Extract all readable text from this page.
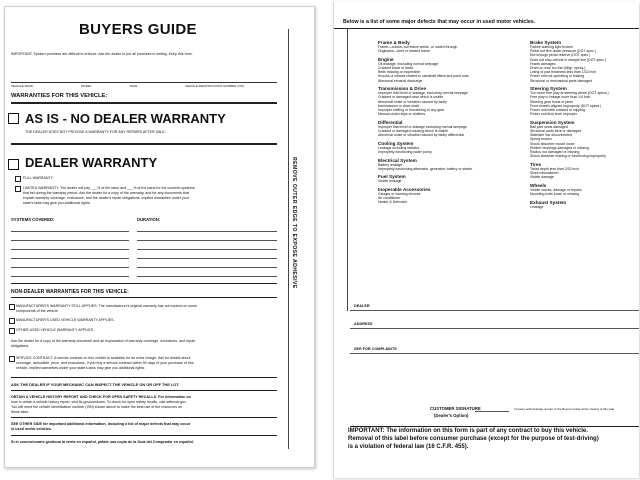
BUYERS GUIDE
IMPORTANT: Spoken promises are difficult to enforce. Ask the dealer to put all promises in writing. Keep this form.
VEHICLE MAKE	MODEL	YEAR	VEHICLE IDENTIFICATION NUMBER (VIN)
WARRANTIES FOR THIS VEHICLE:
AS IS - NO DEALER WARRANTY
THE DEALER DOES NOT PROVIDE A WARRANTY FOR ANY REPAIRS AFTER SALE.
DEALER WARRANTY
FULL WARRANTY.
LIMITED WARRANTY. The dealer will pay ___% of the labor and ___% of the parts for the covered systems
that fail during the warranty period. Ask the dealer for a copy of the warranty, and for any documents that
explain warranty coverage, exclusions, and the dealer's repair obligations. Implied warranties under your
state's laws may give you additional rights.
SYSTEMS COVERED:	DURATION:
NON-DEALER WARRANTIES FOR THIS VEHICLE:
MANUFACTURER'S WARRANTY STILL APPLIES. The manufacturer's original warranty has not expired on some
components of the vehicle.
MANUFACTURER'S USED VEHICLE WARRANTY APPLIES.
OTHER USED VEHICLE WARRANTY APPLIES.
Ask the dealer for a copy of the warranty document and an explanation of warranty coverage, exclusions, and repair
obligations.
SERVICE CONTRACT. A service contract on this vehicle is available for an extra charge. Ask for details about
coverage, deductible, price, and exclusions. If you buy a service contract within 90 days of your purchase of this
vehicle, implied warranties under your state's laws may give you additional rights.
ASK THE DEALER IF YOUR MECHANIC CAN INSPECT THE VEHICLE ON OR OFF THE LOT.
OBTAIN A VEHICLE HISTORY REPORT AND CHECK FOR OPEN SAFETY RECALLS. For information on
how to obtain a vehicle history report, visit ftc.gov/usedcars. To check for open safety recalls, visit safercar.gov.
You will need the vehicle identification number (VIN) shown above to make the best use of the resources on
these sites.
SEE OTHER SIDE for important additional information, including a list of major defects that may occur
in used motor vehicles.
Si el concesionario gestiona la venta en español, pídale una copia de la Guía del Comprador en español.
REMOVE OUTER EDGE TO EXPOSE ADHESIVE
Below is a list of some major defects that may occur in used motor vehicles.
Frame & Body
Frame—cracks, corrective welds, or rusted through
Dogtracks—bent or twisted frame
Engine
Oil leakage, excluding normal seepage
Cracked block or head
Belts missing or inoperable
Knocks or misses related to camshaft lifters and push rods
Abnormal exhaust discharge
Transmission & Drive
Improper fluid level or leakage, excluding normal seepage
Cracked or damaged case which is visible
Abnormal noise or vibration caused by faulty
transmission or drive shaft
Improper shifting or functioning in any gear
Manual clutch slips or chatters
Differential
Improper fluid level or leakage excluding normal seepage
Cracked or damaged housing which is visible
Abnormal noise or vibration caused by faulty differential
Cooling System
Leakage including radiator
Improperly functioning water pump
Electrical System
Battery leakage
Improperly functioning alternator, generator, battery or starter
Fuel System
Visible leakage
Inoperable Accessories
Gauges or warning devices
Air conditioner
Heater & Defroster
Brake System
Failure warning light broken
Pedal not firm under pressure (DOT spec.)
Not enough pedal reserve (DOT spec.)
Does not stop vehicle in straight line (DOT spec.)
Hoses damaged
Drum or rotor too thin (Mfgr. specs.)
Lining or pad thickness less than 1/32 inch
Power unit not operating or leaking
Structural or mechanical parts damaged
Steering System
Too much free play at steering wheel (DOT specs.)
Free play in linkage more than 1/4 inch
Steering gear binds or jams
Front wheels aligned improperly (DOT specs.)
Power unit belts cracked or slipping
Power unit fluid level improper
Suspension System
Ball joint seals damaged
Structural parts bent or damaged
Stabilizer bar disconnected
Spring broken
Shock absorber mount loose
Rubber bushings damaged or missing
Radius rod damaged or missing
Shock absorber leaking or functioning improperly
Tires
Tread depth less than 2/32 inch
Sizes mismatched
Visible damage
Wheels
Visible cracks, damage or repairs
Mounting bolts loose or missing
Exhaust System
Leakage
DEALER
ADDRESS
SEE FOR COMPLAINTS
CUSTOMER SIGNATURE
(Dealer's Option)
I hereby acknowledge receipt of the Buyers Guide at the closing of this sale.
IMPORTANT: The information on this form is part of any contract to buy this vehicle.
Removal of this label before consumer purchase (except for the purpose of test-driving)
is a violation of federal law (16 C.F.R. 455).
